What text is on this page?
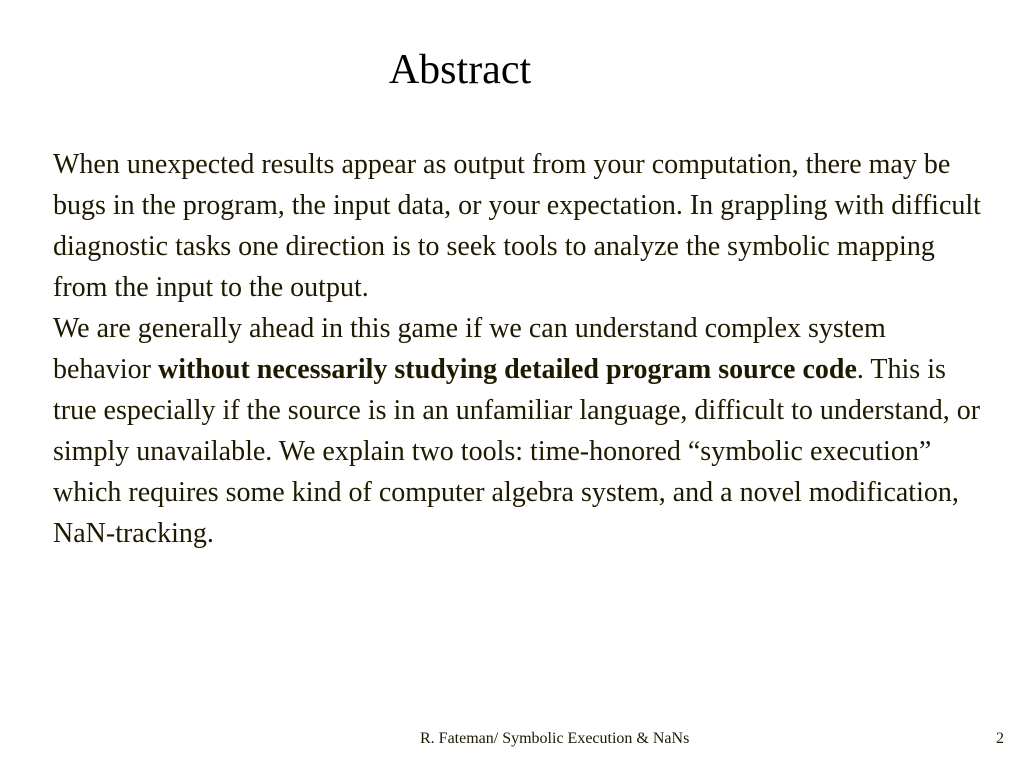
Abstract

When unexpected results appear as output from your computation, there may be bugs in the program, the input data, or your expectation. In grappling with difficult diagnostic tasks one direction is to seek tools to analyze the symbolic mapping from the input to the output.

We are generally ahead in this game if we can understand complex system behavior without necessarily studying detailed program source code. This is true especially if the source is in an unfamiliar language, difficult to understand, or simply unavailable. We explain two tools: time-honored “symbolic execution” which requires some kind of computer algebra system, and a novel modification, NaN-tracking.

R. Fateman/ Symbolic Execution & NaNs	2
